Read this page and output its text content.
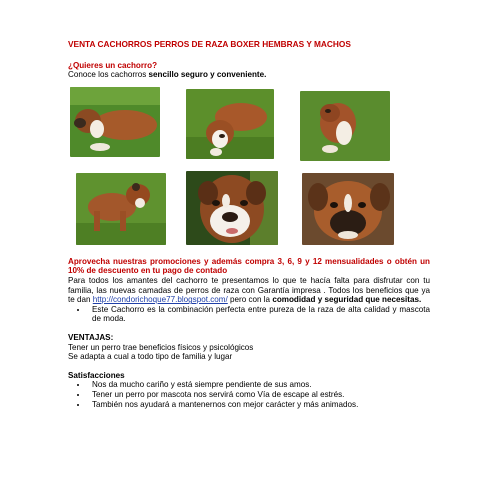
VENTA CACHORROS PERROS DE RAZA BOXER HEMBRAS Y MACHOS

¿Quieres un cachorro?

Conoce los cachorros sencillo seguro y conveniente.

Aprovecha nuestras promociones y además compra 3, 6, 9 y 12 mensualidades o obtén un 10% de descuento en tu pago de contado

Para todos los amantes del cachorro te presentamos lo que te hacía falta para disfrutar con tu familia, las nuevas camadas de perros de raza con Garantía impresa . Todos los beneficios que ya te dan http://condorichoque77.blogspot.com/ pero con la comodidad y seguridad que necesitas.

• Este Cachorro es la combinación perfecta entre pureza de la raza de alta calidad y mascota de moda.

VENTAJAS:

Tener un perro trae beneficios físicos y psicológicos

Se adapta a cual a todo tipo de familia y lugar

Satisfacciones

• Nos da mucho cariño y está siempre pendiente de sus amos.
• Tener un perro por mascota nos servirá como Vía de escape al estrés.
• También nos ayudará a mantenernos con mejor carácter y más animados.
